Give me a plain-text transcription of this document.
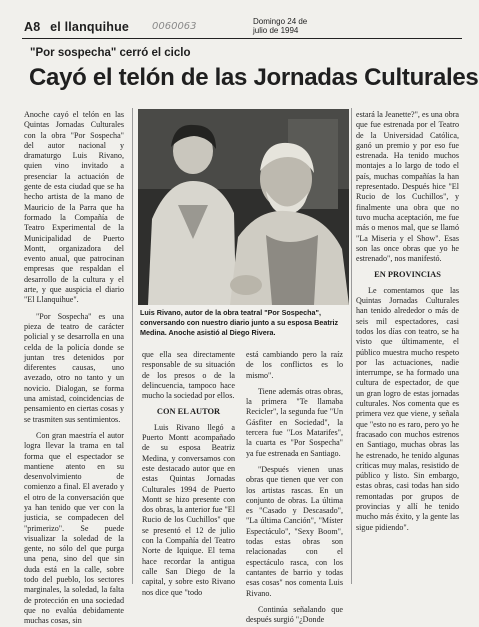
A8 el llanquihue 0060063	Domingo 24 de
julio de 1994
"Por sospecha" cerró el ciclo
Cayó el telón de las Jornadas Culturales

Anoche cayó el telón en las Quintas Jornadas Culturales con la obra "Por Sospecha" del autor nacional y dramaturgo Luis Rivano, quien vino invitado a presenciar la actuación de gente de esta ciudad que se ha hecho artista de la mano de Mauricio de la Parra que ha formado la Compañía de Teatro Experimental de la Municipalidad de Puerto Montt, organizadora del evento anual, que patrocinan empresas que respaldan el desarrollo de la cultura y el arte, y que auspicia el diario "El Llanquihue".

"Por Sospecha" es una pieza de teatro de carácter policial y se desarrolla en una celda de la policía donde se juntan tres detenidos por diferentes causas, uno avezado, otro no tanto y un novicio. Dialogan, se forma una amistad, coincidencias de pensamiento en ciertas cosas y se trasmiten sus sentimientos.

Con gran maestría el autor logra llevar la trama en tal forma que el espectador se mantiene atento en su desenvolvimiento de comienzo a final. El averado y el otro de la conversación que ya han tenido que ver con la justicia, se compadecen del "primerizo". Se puede visualizar la soledad de la gente, no sólo del que purga una pena, sino del que sin duda está en la calle, sobre todo del pueblo, los sectores marginales, la soledad, la falta de protección en una sociedad que no evalúa debidamente muchas cosas, sin

Luis Rivano, autor de la obra teatral "Por Sospecha", conversando con nuestro diario junto a su esposa Beatriz Medina. Anoche asistió al Diego Rivera.

que ella sea directamente responsable de su situación de los presos o de la delincuencia, tampoco hace mucho la sociedad por ellos.

CON EL AUTOR

Luis Rivano llegó a Puerto Montt acompañado de su esposa Beatriz Medina, y conversamos con este destacado autor que en estas Quintas Jornadas Culturales 1994 de Puerto Montt se hizo presente con dos obras, la anterior fue "El Rucio de los Cuchillos" que se presentó el 12 de julio con la Compañía del Teatro Norte de Iquique. El tema hace recordar la antigua calle San Diego de la capital, y sobre esto Rivano nos dice que "todo

está cambiando pero la raíz de los conflictos es lo mismo".

Tiene además otras obras, la primera "Te llamaba Recicler", la segunda fue "Un Gásfiter en Sociedad", la tercera fue "Los Matarifes", la cuarta es "Por Sospecha" ya fue estrenada en Santiago.

"Después vienen unas obras que tienen que ver con los artistas rascas. En un conjunto de obras. La última es "Casado y Descasado", "La última Canción", "Míster Espectáculo", "Sexy Boom", todas estas obras son relacionadas con el espectáculo rasca, con los cantantes de barrio y todas esas cosas" nos comenta Luis Rivano.

Continúa señalando que después surgió "¿Donde

estará la Jeanette?", es una obra que fue estrenada por el Teatro de la Universidad Católica, ganó un premio y por eso fue estrenada. Ha tenido muchos montajes a lo largo de todo el país, muchas compañías la han representado. Después hice "El Rucio de los Cuchillos", y finalmente una obra que no tuvo mucha aceptación, me fue más o menos mal, que se llamó "La Miseria y el Show". Esas son las once obras que yo he estrenado", nos manifestó.

EN PROVINCIAS

Le comentamos que las Quintas Jornadas Culturales han tenido alrededor o más de seis mil espectadores, casi todos los días con teatro, se ha visto que últimamente, el público muestra mucho respeto por las actuaciones, nadie interrumpe, se ha formado una cultura de espectador, de que un gran logro de estas jornadas culturales. Nos comenta que es primera vez que viene, y señala que "esto no es raro, pero yo he fracasado con muchos estrenos en Santiago, muchas obras las he estrenado, he tenido algunas críticas muy malas, resistido de público y listo. Sin embargo, estas obras, casi todas han sido remontadas por grupos de provincias y allí he tenido mucho más éxito, y la gente las sigue pidiendo".
